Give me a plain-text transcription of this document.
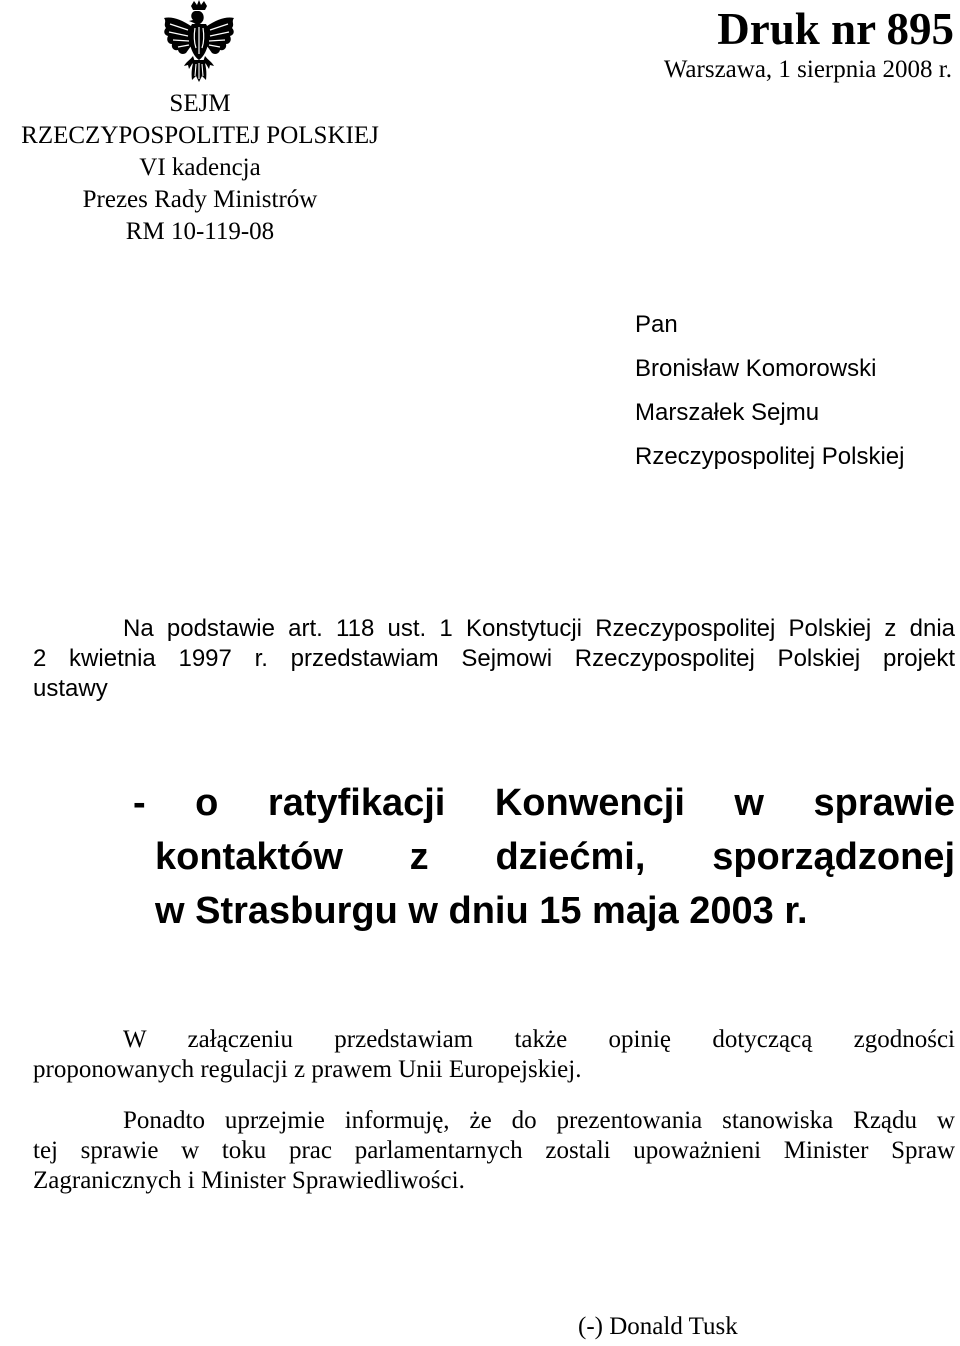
SEJM
RZECZYPOSPOLITEJ POLSKIEJ
VI kadencja
Prezes Rady Ministrów
RM 10-119-08
Druk nr 895
Warszawa, 1 sierpnia 2008 r.
Pan
Bronisław Komorowski
Marszałek Sejmu
Rzeczypospolitej Polskiej
Na podstawie art. 118 ust. 1 Konstytucji Rzeczypospolitej Polskiej z dnia
2 kwietnia 1997 r. przedstawiam Sejmowi Rzeczypospolitej Polskiej projekt
ustawy
- o ratyfikacji Konwencji w sprawie
kontaktów z dziećmi, sporządzonej
w Strasburgu w dniu 15 maja 2003 r.
W załączeniu przedstawiam także opinię dotyczącą zgodności
proponowanych regulacji z prawem Unii Europejskiej.
Ponadto uprzejmie informuję, że do prezentowania stanowiska Rządu w
tej sprawie w toku prac parlamentarnych zostali upoważnieni Minister Spraw
Zagranicznych i Minister Sprawiedliwości.
(-) Donald Tusk
